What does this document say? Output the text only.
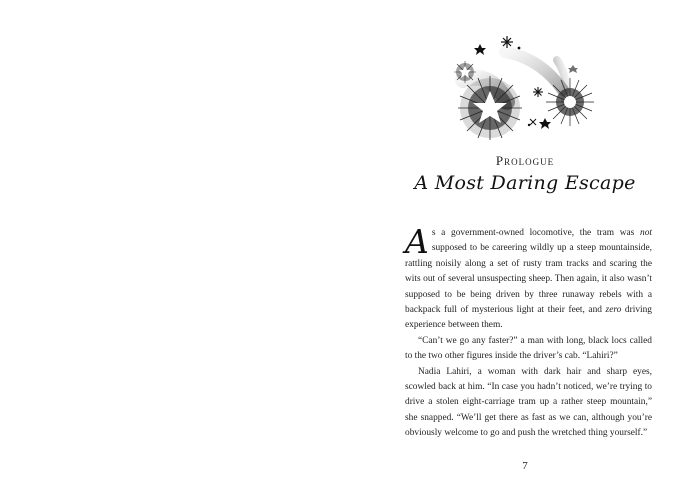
Prologue
A Most Daring Escape

As a government-owned locomotive, the tram was not supposed to be careering wildly up a steep mountainside, rattling noisily along a set of rusty tram tracks and scaring the wits out of several unsuspecting sheep. Then again, it also wasn’t supposed to be being driven by three runaway rebels with a backpack full of mysterious light at their feet, and zero driving experience between them.

“Can’t we go any faster?” a man with long, black locs called to the two other figures inside the driver’s cab. “Lahiri?”

Nadia Lahiri, a woman with dark hair and sharp eyes, scowled back at him. “In case you hadn’t noticed, we’re trying to drive a stolen eight-carriage tram up a rather steep mountain,” she snapped. “We’ll get there as fast as we can, although you’re obviously welcome to go and push the wretched thing yourself.”

7
